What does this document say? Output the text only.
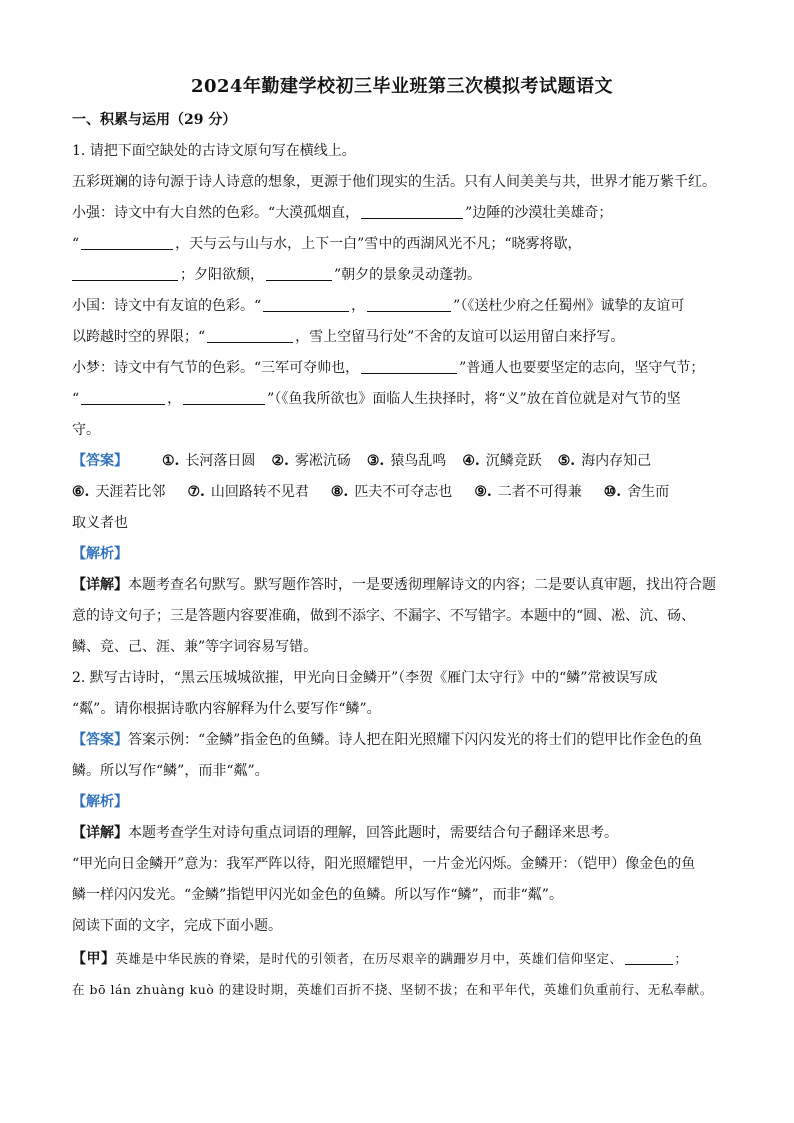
2024年勤建学校初三毕业班第三次模拟考试题语文
一、积累与运用（29 分）
1. 请把下面空缺处的古诗文原句写在横线上。
五彩斑斓的诗句源于诗人诗意的想象，更源于他们现实的生活。只有人间美美与共，世界才能万紫千红。
小强：诗文中有大自然的色彩。“大漠孤烟直，	”边陲的沙漠壮美雄奇；
“	，天与云与山与水，上下一白”雪中的西湖风光不凡；“晓雾将歇，
；夕阳欲颓，	”朝夕的景象灵动蓬勃。
小国：诗文中有友谊的色彩。“	，	”（《送杜少府之任蜀州》诚挚的友谊可
以跨越时空的界限；“	，雪上空留马行处”不舍的友谊可以运用留白来抒写。
小梦：诗文中有气节的色彩。“三军可夺帅也，	”普通人也要要坚定的志向，坚守气节；
“	，	”（《鱼我所欲也》面临人生抉择时，将“义”放在首位就是对气节的坚
守。
【答案】 ①. 长河落日圆 ②. 雾凇沆砀 ③. 猿鸟乱鸣 ④. 沉鳞竞跃 ⑤. 海内存知己
⑥. 天涯若比邻 ⑦. 山回路转不见君 ⑧. 匹夫不可夺志也 ⑨. 二者不可得兼 ⑩. 舍生而
取义者也
【解析】
【详解】本题考查名句默写。默写题作答时，一是要透彻理解诗文的内容；二是要认真审题，找出符合题
意的诗文句子；三是答题内容要准确，做到不添字、不漏字、不写错字。本题中的“圆、凇、沆、砀、
鳞、竞、己、涯、兼”等字词容易写错。
2. 默写古诗时，“黑云压城城欲摧，甲光向日金鳞开”（李贺《雁门太守行》中的“鳞”常被误写成
“粼”。请你根据诗歌内容解释为什么要写作“鳞”。
【答案】答案示例：“金鳞”指金色的鱼鳞。诗人把在阳光照耀下闪闪发光的将士们的铠甲比作金色的鱼
鳞。所以写作“鳞”，而非“粼”。
【解析】
【详解】本题考查学生对诗句重点词语的理解，回答此题时，需要结合句子翻译来思考。
“甲光向日金鳞开”意为：我军严阵以待，阳光照耀铠甲，一片金光闪烁。金鳞开：（铠甲）像金色的鱼
鳞一样闪闪发光。“金鳞”指铠甲闪光如金色的鱼鳞。所以写作“鳞”，而非“粼”。
阅读下面的文字，完成下面小题。
【甲】英雄是中华民族的脊梁，是时代的引领者，在历尽艰辛的蹒跚岁月中，英雄们信仰坚定、	；
在 bō lán zhuàng kuò 的建设时期，英雄们百折不挠、坚韧不拔；在和平年代，英雄们负重前行、无私奉献。
